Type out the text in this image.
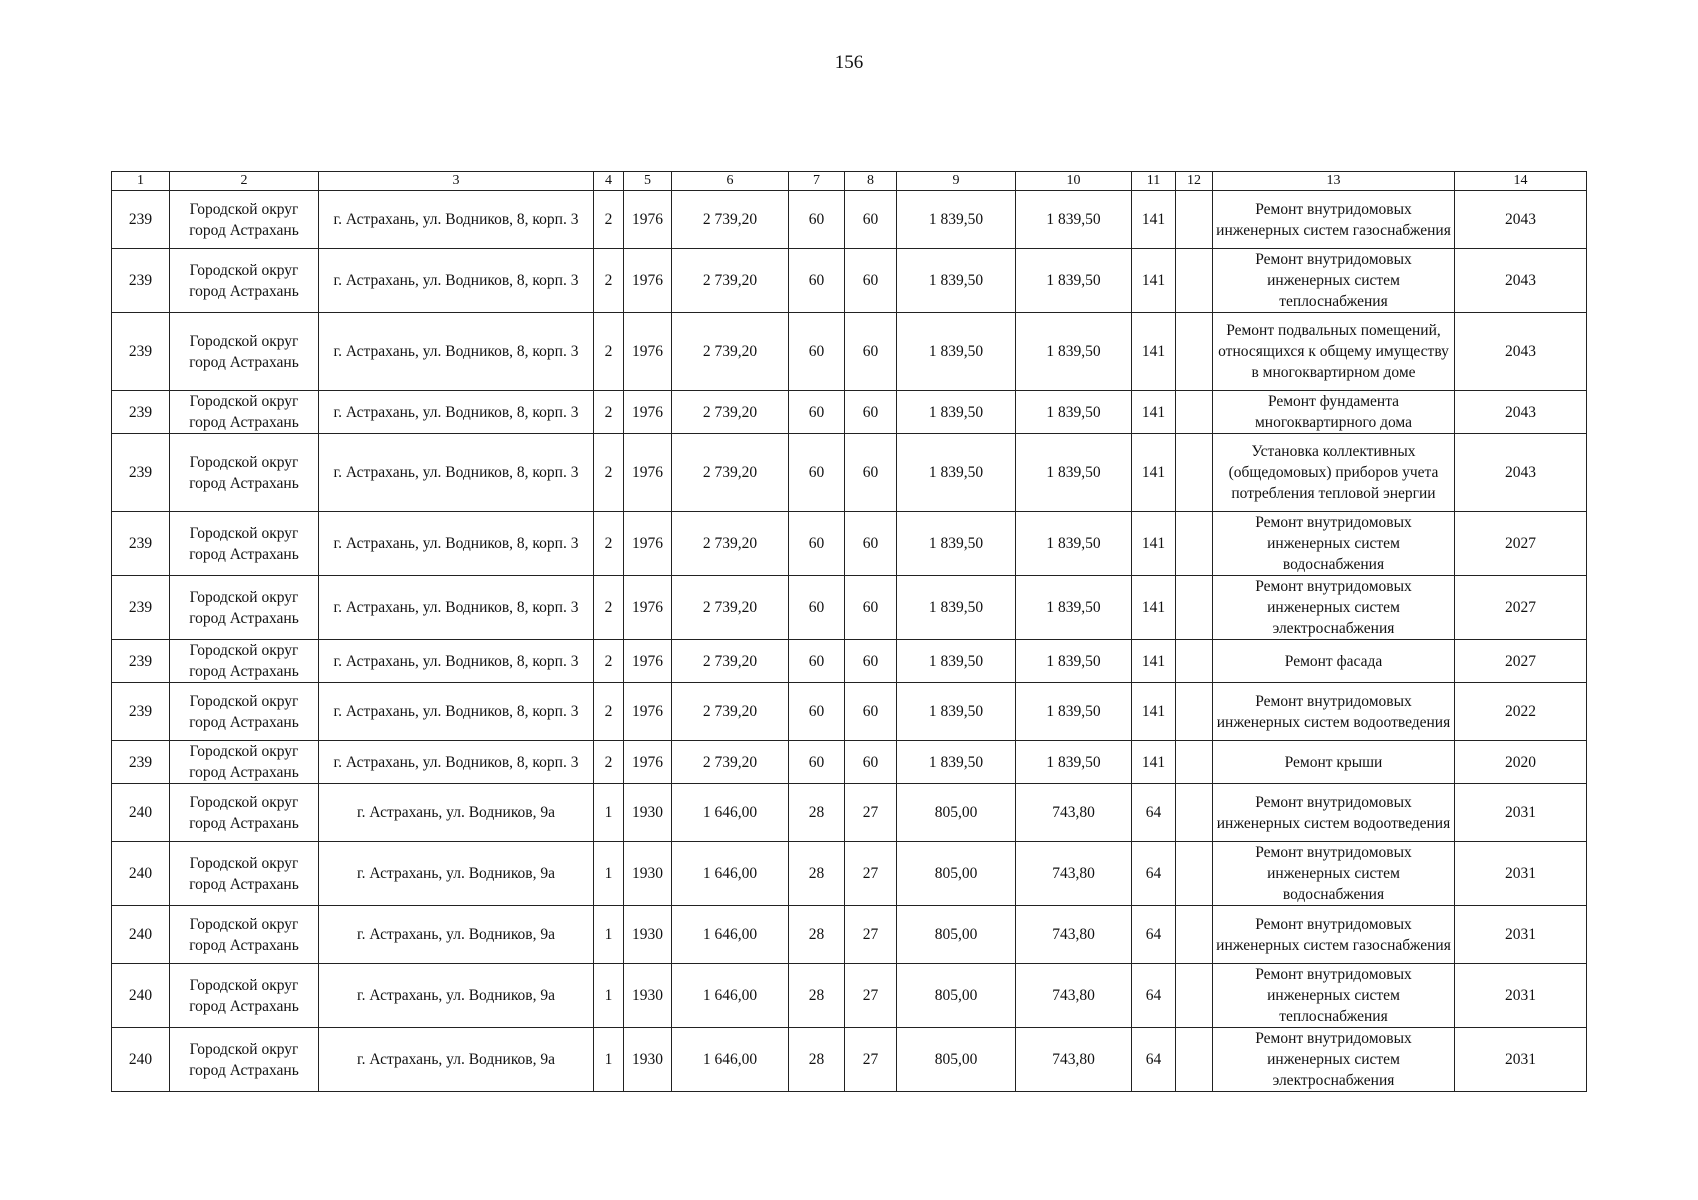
156
1	2	3	4	5	6	7	8	9	10	11	12	13	14
239	Городской округ город Астрахань	г. Астрахань, ул. Водников, 8, корп. 3	2	1976	2 739,20	60	60	1 839,50	1 839,50	141		Ремонт внутридомовых инженерных систем газоснабжения	2043
239	Городской округ город Астрахань	г. Астрахань, ул. Водников, 8, корп. 3	2	1976	2 739,20	60	60	1 839,50	1 839,50	141		Ремонт внутридомовых инженерных систем теплоснабжения	2043
239	Городской округ город Астрахань	г. Астрахань, ул. Водников, 8, корп. 3	2	1976	2 739,20	60	60	1 839,50	1 839,50	141		Ремонт подвальных помещений, относящихся к общему имуществу в многоквартирном доме	2043
239	Городской округ город Астрахань	г. Астрахань, ул. Водников, 8, корп. 3	2	1976	2 739,20	60	60	1 839,50	1 839,50	141		Ремонт фундамента многоквартирного дома	2043
239	Городской округ город Астрахань	г. Астрахань, ул. Водников, 8, корп. 3	2	1976	2 739,20	60	60	1 839,50	1 839,50	141		Установка коллективных (общедомовых) приборов учета потребления тепловой энергии	2043
239	Городской округ город Астрахань	г. Астрахань, ул. Водников, 8, корп. 3	2	1976	2 739,20	60	60	1 839,50	1 839,50	141		Ремонт внутридомовых инженерных систем водоснабжения	2027
239	Городской округ город Астрахань	г. Астрахань, ул. Водников, 8, корп. 3	2	1976	2 739,20	60	60	1 839,50	1 839,50	141		Ремонт внутридомовых инженерных систем электроснабжения	2027
239	Городской округ город Астрахань	г. Астрахань, ул. Водников, 8, корп. 3	2	1976	2 739,20	60	60	1 839,50	1 839,50	141		Ремонт фасада	2027
239	Городской округ город Астрахань	г. Астрахань, ул. Водников, 8, корп. 3	2	1976	2 739,20	60	60	1 839,50	1 839,50	141		Ремонт внутридомовых инженерных систем водоотведения	2022
239	Городской округ город Астрахань	г. Астрахань, ул. Водников, 8, корп. 3	2	1976	2 739,20	60	60	1 839,50	1 839,50	141		Ремонт крыши	2020
240	Городской округ город Астрахань	г. Астрахань, ул. Водников, 9а	1	1930	1 646,00	28	27	805,00	743,80	64		Ремонт внутридомовых инженерных систем водоотведения	2031
240	Городской округ город Астрахань	г. Астрахань, ул. Водников, 9а	1	1930	1 646,00	28	27	805,00	743,80	64		Ремонт внутридомовых инженерных систем водоснабжения	2031
240	Городской округ город Астрахань	г. Астрахань, ул. Водников, 9а	1	1930	1 646,00	28	27	805,00	743,80	64		Ремонт внутридомовых инженерных систем газоснабжения	2031
240	Городской округ город Астрахань	г. Астрахань, ул. Водников, 9а	1	1930	1 646,00	28	27	805,00	743,80	64		Ремонт внутридомовых инженерных систем теплоснабжения	2031
240	Городской округ город Астрахань	г. Астрахань, ул. Водников, 9а	1	1930	1 646,00	28	27	805,00	743,80	64		Ремонт внутридомовых инженерных систем электроснабжения	2031
